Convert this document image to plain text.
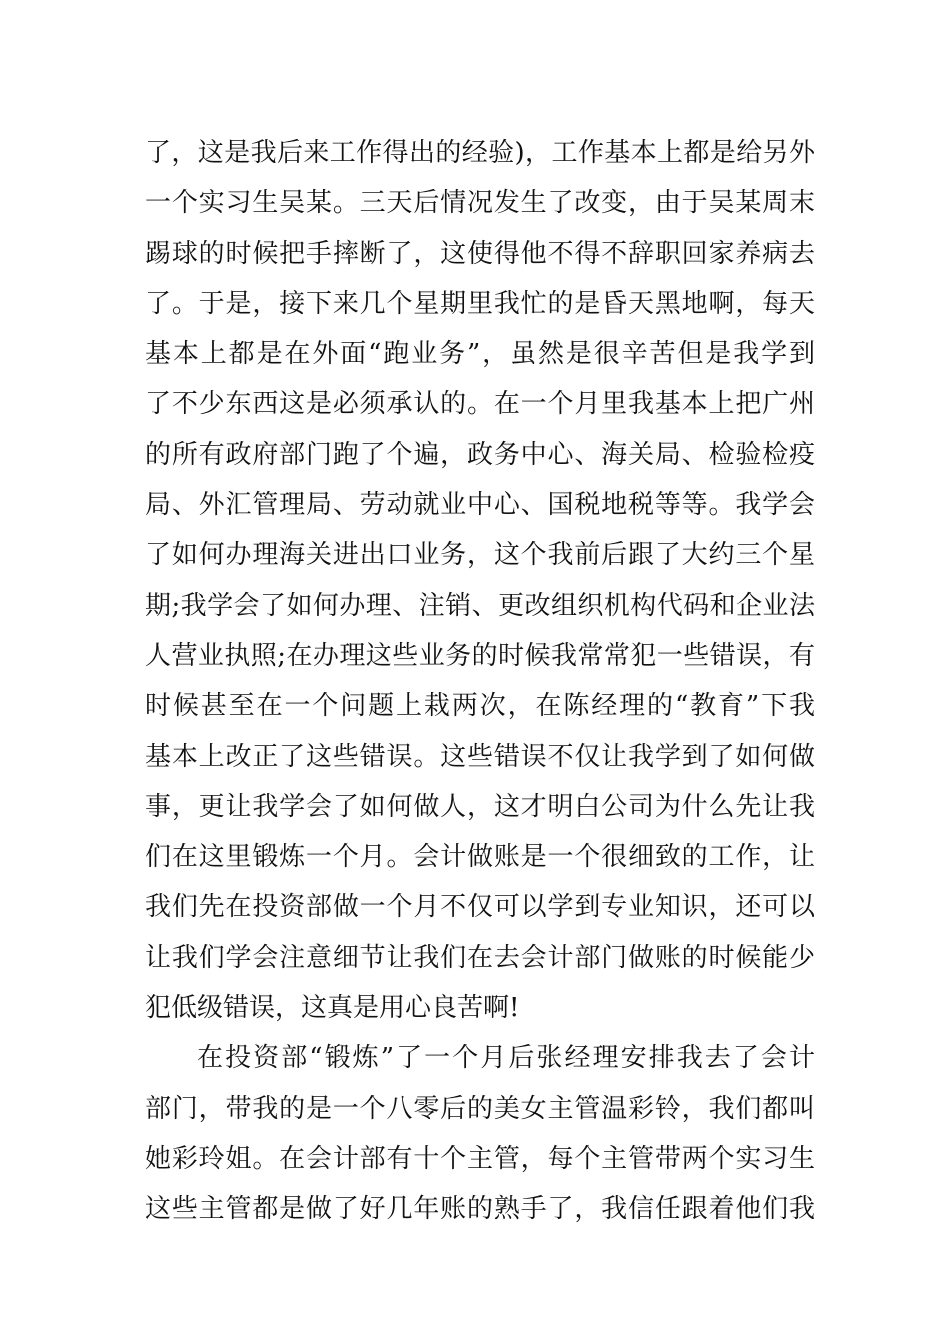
了，这是我后来工作得出的经验)，工作基本上都是给另外
一个实习生吴某。三天后情况发生了改变，由于吴某周末
踢球的时候把手摔断了，这使得他不得不辞职回家养病去
了。于是，接下来几个星期里我忙的是昏天黑地啊，每天
基本上都是在外面“跑业务”，虽然是很辛苦但是我学到
了不少东西这是必须承认的。在一个月里我基本上把广州
的所有政府部门跑了个遍，政务中心、海关局、检验检疫
局、外汇管理局、劳动就业中心、国税地税等等。我学会
了如何办理海关进出口业务，这个我前后跟了大约三个星
期;我学会了如何办理、注销、更改组织机构代码和企业法
人营业执照;在办理这些业务的时候我常常犯一些错误，有
时候甚至在一个问题上栽两次，在陈经理的“教育”下我
基本上改正了这些错误。这些错误不仅让我学到了如何做
事，更让我学会了如何做人，这才明白公司为什么先让我
们在这里锻炼一个月。会计做账是一个很细致的工作，让
我们先在投资部做一个月不仅可以学到专业知识，还可以
让我们学会注意细节让我们在去会计部门做账的时候能少
犯低级错误，这真是用心良苦啊!
在投资部“锻炼”了一个月后张经理安排我去了会计
部门，带我的是一个八零后的美女主管温彩铃，我们都叫
她彩玲姐。在会计部有十个主管，每个主管带两个实习生
这些主管都是做了好几年账的熟手了，我信任跟着他们我
